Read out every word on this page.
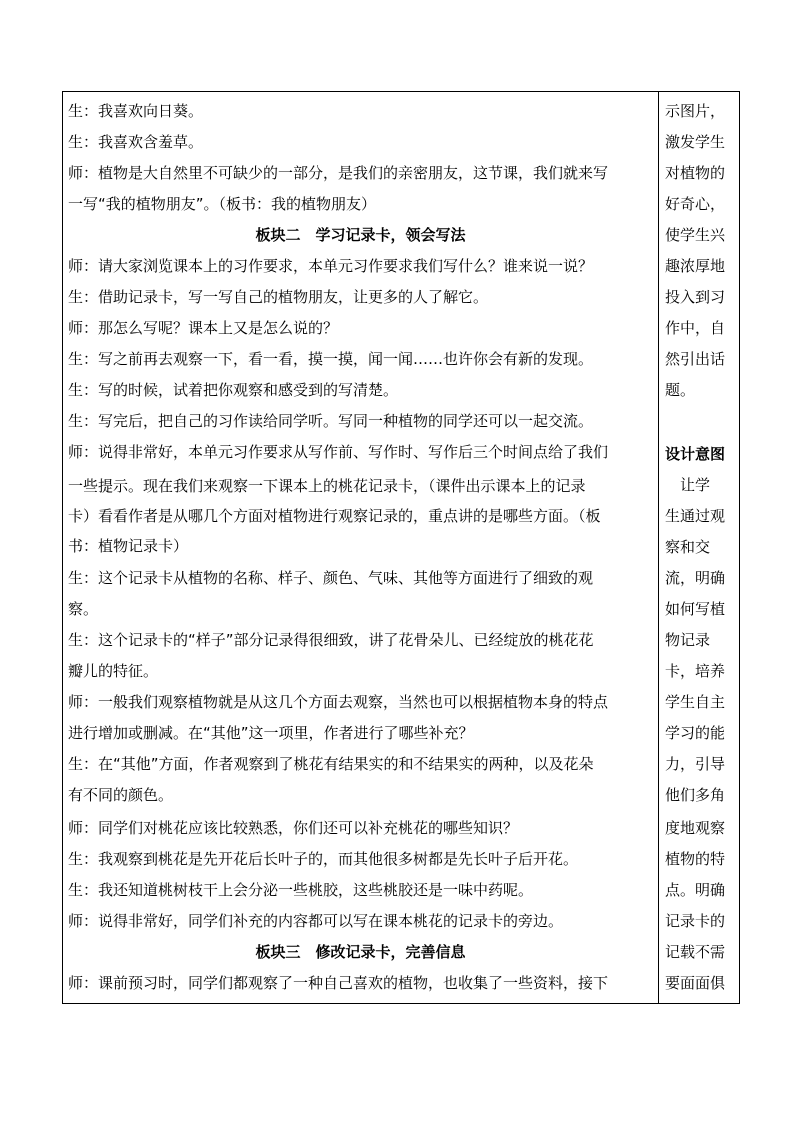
生：我喜欢向日葵。
生：我喜欢含羞草。
师：植物是大自然里不可缺少的一部分，是我们的亲密朋友，这节课，我们就来写
一写“我的植物朋友”。（板书：我的植物朋友）
板块二　学习记录卡，领会写法
师：请大家浏览课本上的习作要求，本单元习作要求我们写什么？谁来说一说？
生：借助记录卡，写一写自己的植物朋友，让更多的人了解它。
师：那怎么写呢？课本上又是怎么说的？
生：写之前再去观察一下，看一看，摸一摸，闻一闻……也许你会有新的发现。
生：写的时候，试着把你观察和感受到的写清楚。
生：写完后，把自己的习作读给同学听。写同一种植物的同学还可以一起交流。
师：说得非常好，本单元习作要求从写作前、写作时、写作后三个时间点给了我们
一些提示。现在我们来观察一下课本上的桃花记录卡，（课件出示课本上的记录
卡）看看作者是从哪几个方面对植物进行观察记录的，重点讲的是哪些方面。（板
书：植物记录卡）
生：这个记录卡从植物的名称、样子、颜色、气味、其他等方面进行了细致的观
察。
生：这个记录卡的“样子”部分记录得很细致，讲了花骨朵儿、已经绽放的桃花花
瓣儿的特征。
师：一般我们观察植物就是从这几个方面去观察，当然也可以根据植物本身的特点
进行增加或删减。在“其他”这一项里，作者进行了哪些补充？
生：在“其他”方面，作者观察到了桃花有结果实的和不结果实的两种，以及花朵
有不同的颜色。
师：同学们对桃花应该比较熟悉，你们还可以补充桃花的哪些知识？
生：我观察到桃花是先开花后长叶子的，而其他很多树都是先长叶子后开花。
生：我还知道桃树枝干上会分泌一些桃胶，这些桃胶还是一味中药呢。
师：说得非常好，同学们补充的内容都可以写在课本桃花的记录卡的旁边。
板块三　修改记录卡，完善信息
师：课前预习时，同学们都观察了一种自己喜欢的植物，也收集了一些资料，接下
示图片，
激发学生
对植物的
好奇心，
使学生兴
趣浓厚地
投入到习
作中，自
然引出话
题。
设计意图
　让学
生通过观
察和交
流，明确
如何写植
物记录
卡，培养
学生自主
学习的能
力，引导
他们多角
度地观察
植物的特
点。明确
记录卡的
记载不需
要面面俱
